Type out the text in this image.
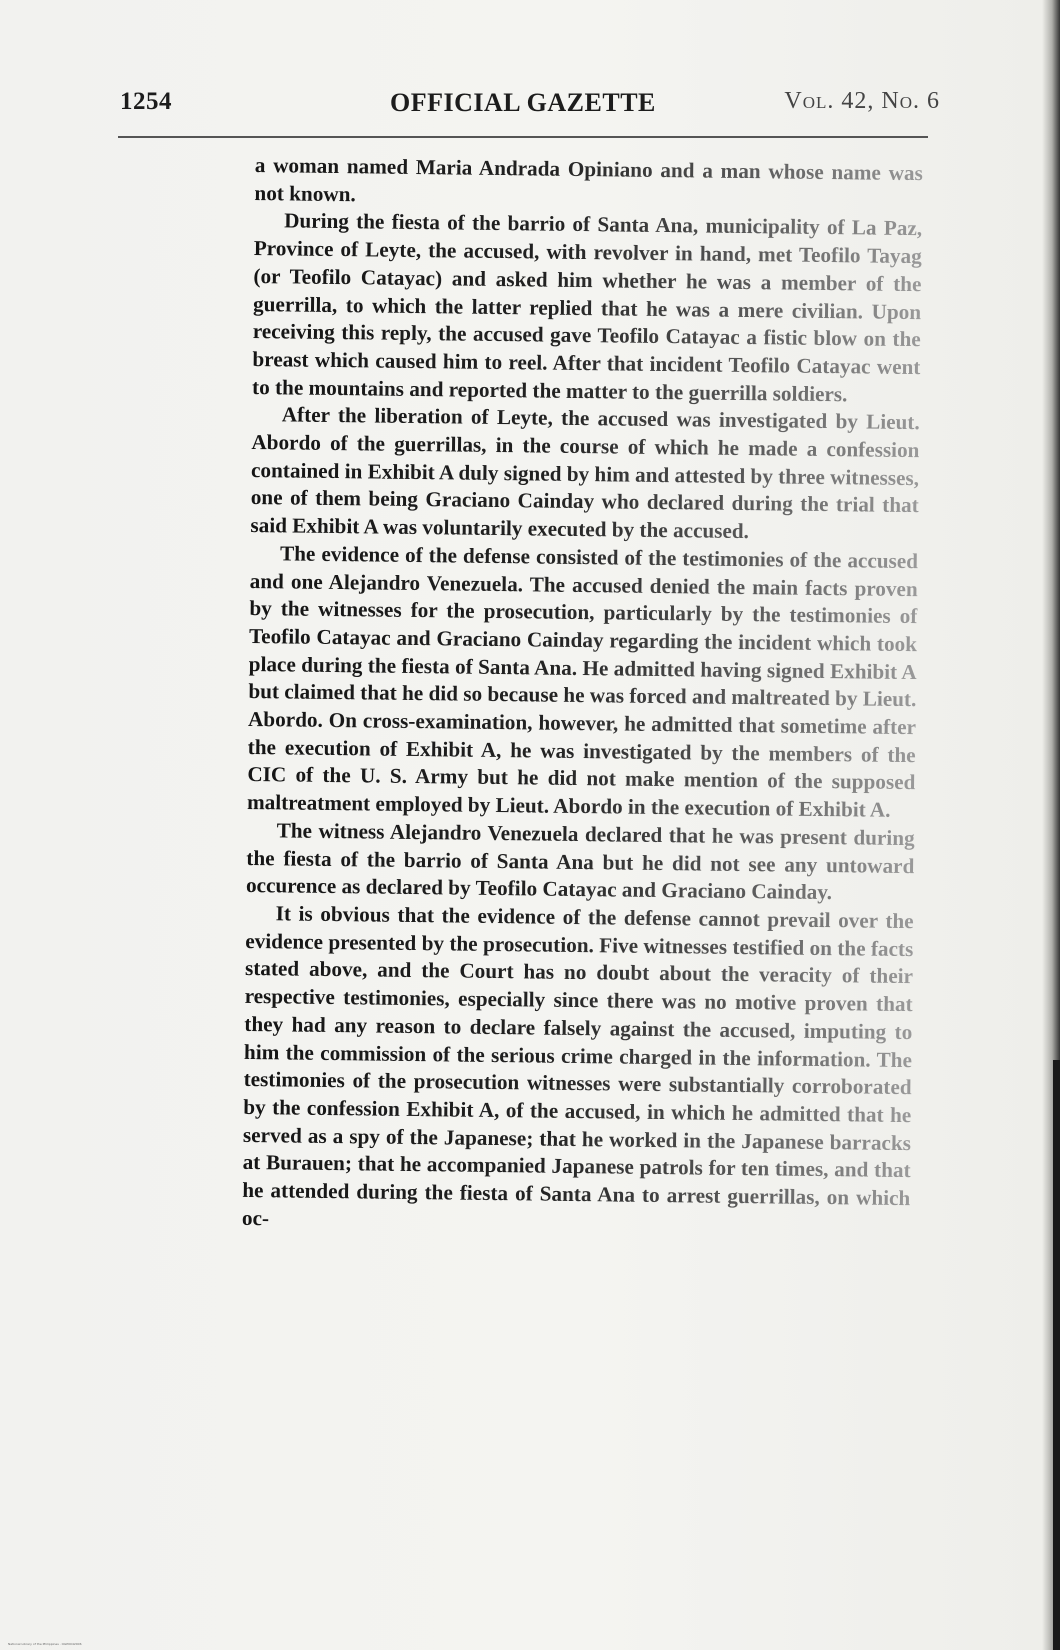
1254	OFFICIAL GAZETTE	Vol. 42, No. 6

a woman named Maria Andrada Opiniano and a man whose name was not known.

During the fiesta of the barrio of Santa Ana, municipality of La Paz, Province of Leyte, the accused, with revolver in hand, met Teofilo Tayag (or Teofilo Catayac) and asked him whether he was a member of the guerrilla, to which the latter replied that he was a mere civilian. Upon receiving this reply, the accused gave Teofilo Catayac a fistic blow on the breast which caused him to reel. After that incident Teofilo Catayac went to the mountains and reported the matter to the guerrilla soldiers.

After the liberation of Leyte, the accused was investigated by Lieut. Abordo of the guerrillas, in the course of which he made a confession contained in Exhibit A duly signed by him and attested by three witnesses, one of them being Graciano Cainday who declared during the trial that said Exhibit A was voluntarily executed by the accused.

The evidence of the defense consisted of the testimonies of the accused and one Alejandro Venezuela. The accused denied the main facts proven by the witnesses for the prosecution, particularly by the testimonies of Teofilo Catayac and Graciano Cainday regarding the incident which took place during the fiesta of Santa Ana. He admitted having signed Exhibit A but claimed that he did so because he was forced and maltreated by Lieut. Abordo. On cross-examination, however, he admitted that sometime after the execution of Exhibit A, he was investigated by the members of the CIC of the U. S. Army but he did not make mention of the supposed maltreatment employed by Lieut. Abordo in the execution of Exhibit A.

The witness Alejandro Venezuela declared that he was present during the fiesta of the barrio of Santa Ana but he did not see any untoward occurence as declared by Teofilo Catayac and Graciano Cainday.

It is obvious that the evidence of the defense cannot prevail over the evidence presented by the prosecution. Five witnesses testified on the facts stated above, and the Court has no doubt about the veracity of their respective testimonies, especially since there was no motive proven that they had any reason to declare falsely against the accused, imputing to him the commission of the serious crime charged in the information. The testimonies of the prosecution witnesses were substantially corroborated by the confession Exhibit A, of the accused, in which he admitted that he served as a spy of the Japanese; that he worked in the Japanese barracks at Burauen; that he accompanied Japanese patrols for ten times, and that he attended during the fiesta of Santa Ana to arrest guerrillas, on which oc-

National Library of the Philippines · OGP0042006
